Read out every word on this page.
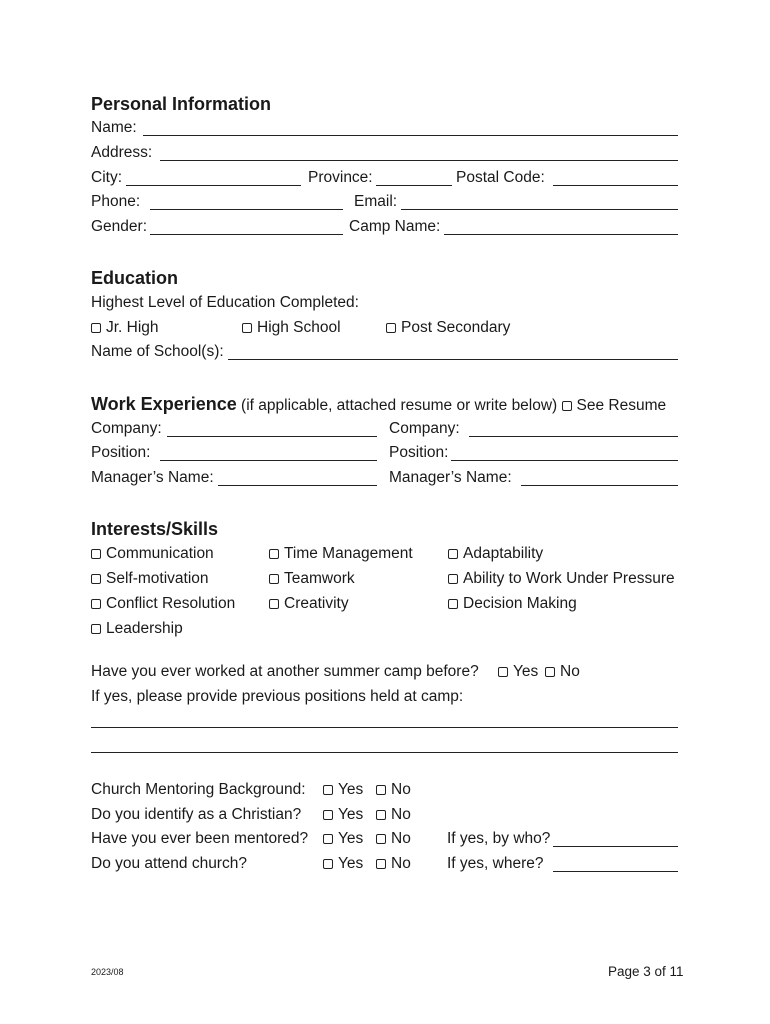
Personal Information
Name:
Address:
City:	Province:	Postal Code:
Phone:	Email:
Gender:	Camp Name:
Education
Highest Level of Education Completed:
Jr. High	High School	Post Secondary
Name of School(s):
Work Experience (if applicable, attached resume or write below) See Resume
Company:	Company:
Position:	Position:
Manager’s Name:	Manager’s Name:
Interests/Skills
Communication	Time Management	Adaptability
Self-motivation	Teamwork	Ability to Work Under Pressure
Conflict Resolution	Creativity	Decision Making
Leadership
Have you ever worked at another summer camp before?	Yes	No
If yes, please provide previous positions held at camp:
Church Mentoring Background:	Yes	No
Do you identify as a Christian?	Yes	No
Have you ever been mentored?	Yes	No If yes, by who?
Do you attend church?	Yes	No If yes, where?
2023/08	Page 3 of 11
